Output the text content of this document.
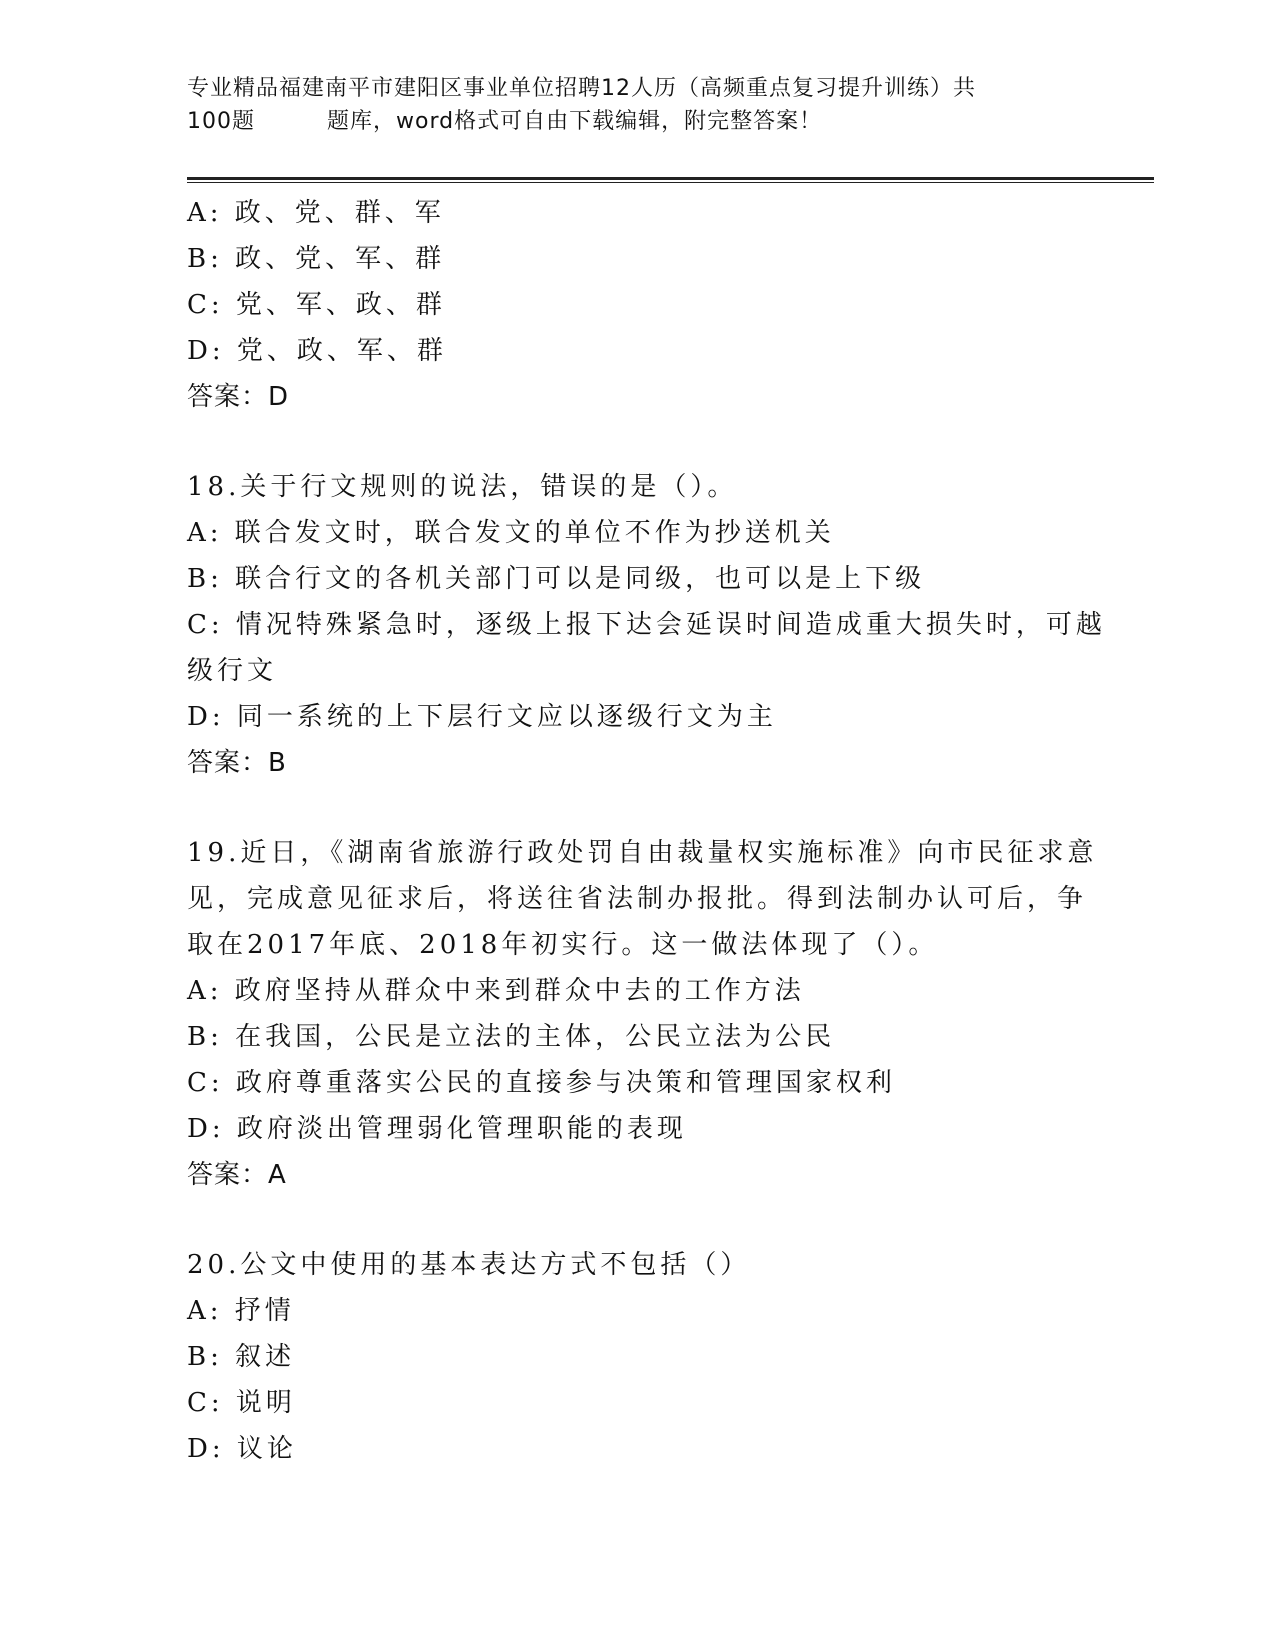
专业精品福建南平市建阳区事业单位招聘12人历（高频重点复习提升训练）共
100题	题库，word格式可自由下载编辑，附完整答案！
A: 政、党、群、军
B: 政、党、军、群
C: 党、军、政、群
D: 党、政、军、群
答案：D
18.关于行文规则的说法，错误的是（）。
A: 联合发文时，联合发文的单位不作为抄送机关
B: 联合行文的各机关部门可以是同级，也可以是上下级
C: 情况特殊紧急时，逐级上报下达会延误时间造成重大损失时，可越
级行文
D: 同一系统的上下层行文应以逐级行文为主
答案：B
19.近日，《湖南省旅游行政处罚自由裁量权实施标准》向市民征求意
见，完成意见征求后，将送往省法制办报批。得到法制办认可后，争
取在2017年底、2018年初实行。这一做法体现了（）。
A: 政府坚持从群众中来到群众中去的工作方法
B: 在我国，公民是立法的主体，公民立法为公民
C: 政府尊重落实公民的直接参与决策和管理国家权利
D: 政府淡出管理弱化管理职能的表现
答案：A
20.公文中使用的基本表达方式不包括（）
A: 抒情
B: 叙述
C: 说明
D: 议论
